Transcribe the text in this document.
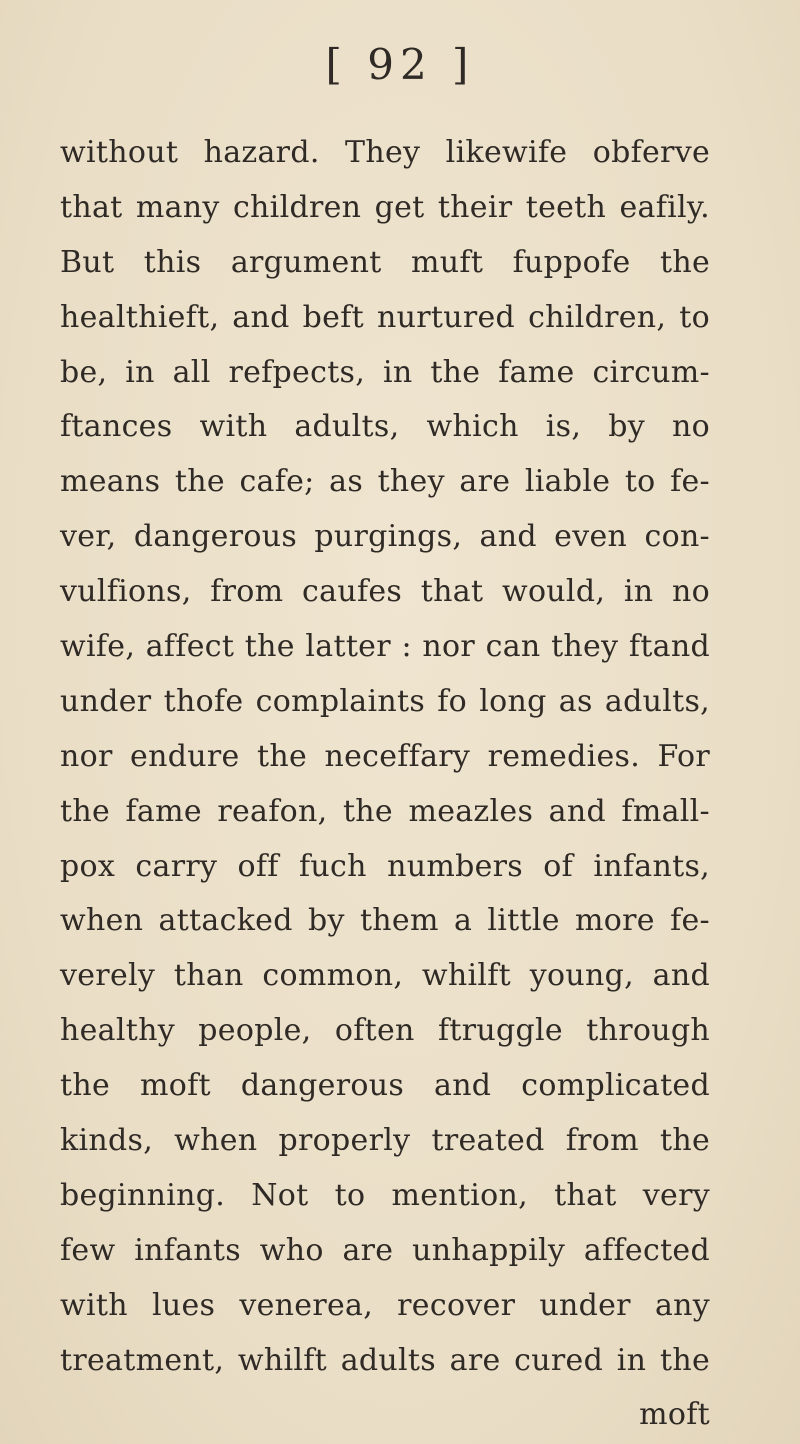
[ 92 ]
without hazard. They likewife obferve
that many children get their teeth eafily.
But this argument muft fuppofe the
healthieft, and beft nurtured children, to
be, in all refpects, in the fame circum-
ftances with adults, which is, by no
means the cafe; as they are liable to fe-
ver, dangerous purgings, and even con-
vulfions, from caufes that would, in no
wife, affect the latter : nor can they ftand
under thofe complaints fo long as adults,
nor endure the neceffary remedies. For
the fame reafon, the meazles and fmall-
pox carry off fuch numbers of infants,
when attacked by them a little more fe-
verely than common, whilft young, and
healthy people, often ftruggle through
the moft dangerous and complicated
kinds, when properly treated from the
beginning. Not to mention, that very
few infants who are unhappily affected
with lues venerea, recover under any
treatment, whilft adults are cured in the
moft
